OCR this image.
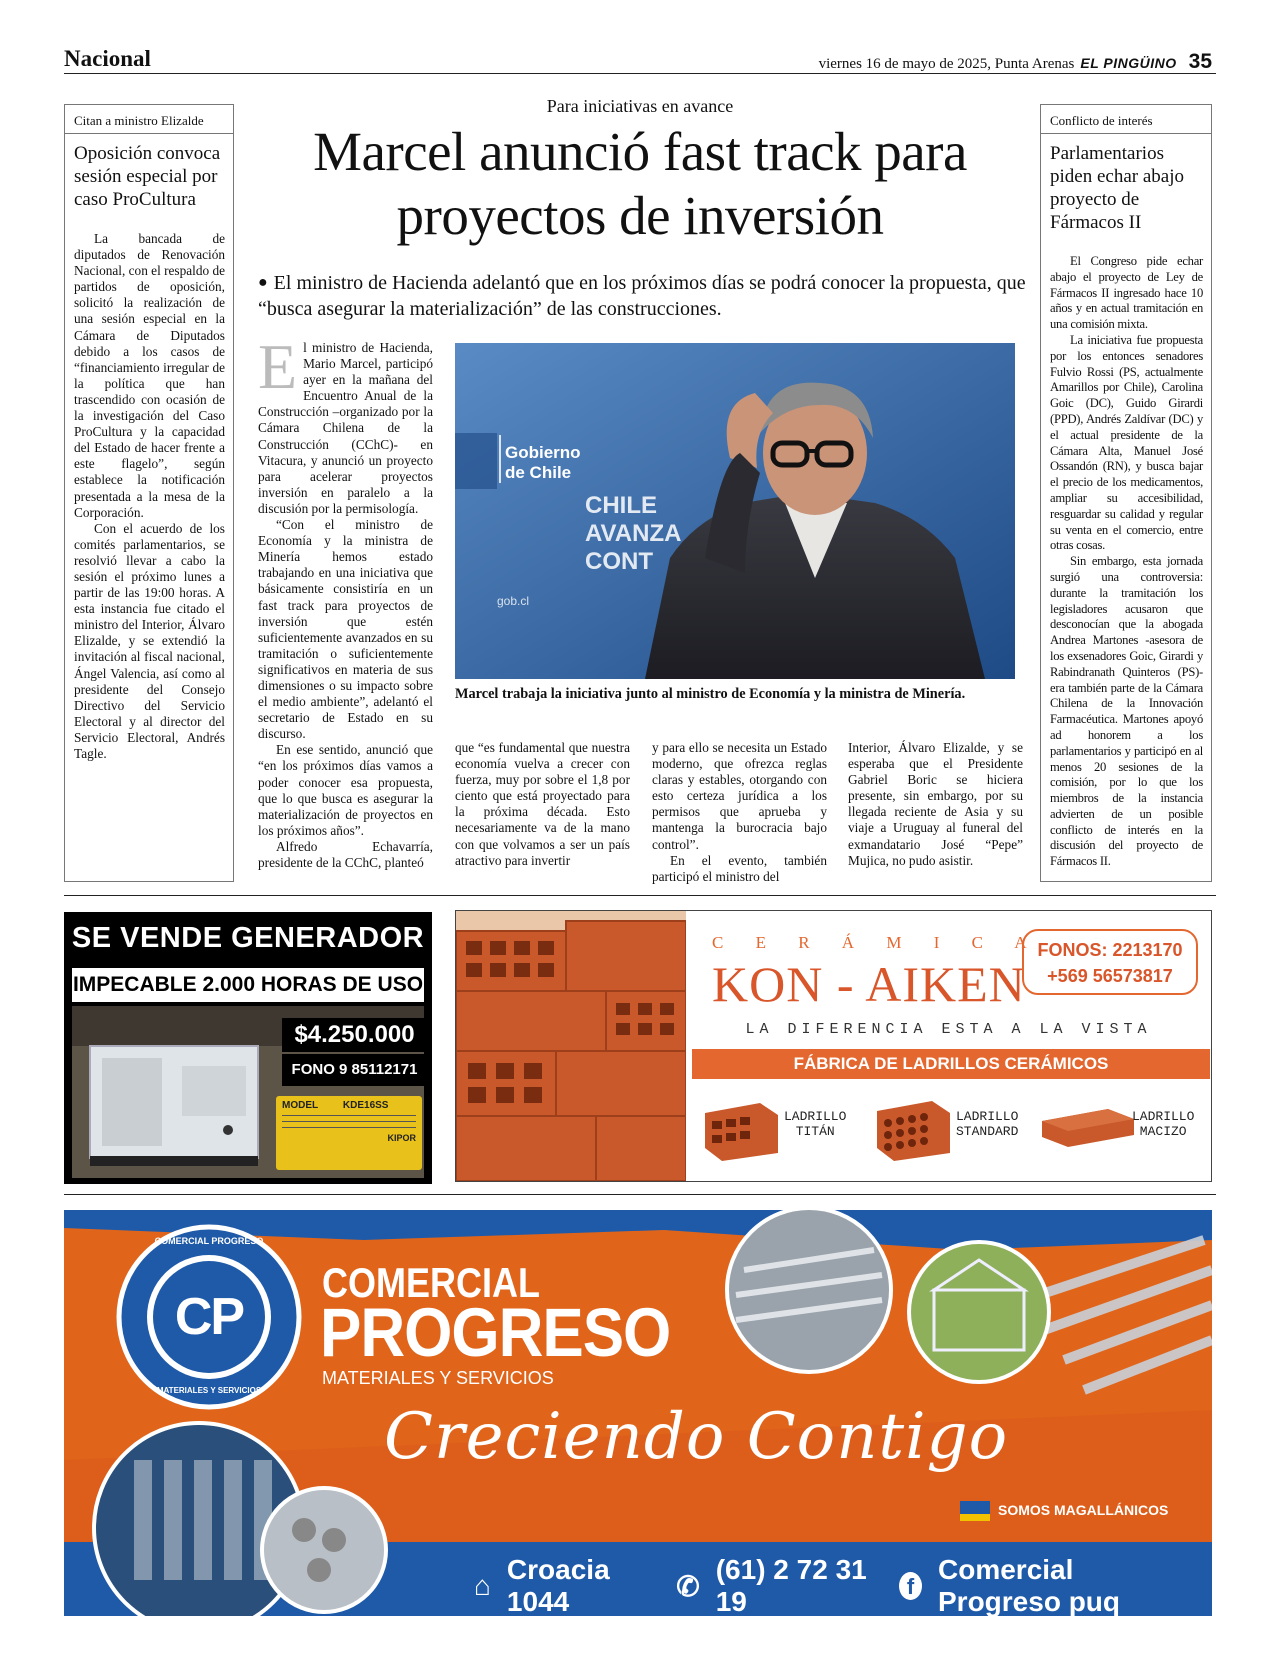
Nacional	viernes 16 de mayo de 2025, Punta Arenas EL PINGÜINO 35
Citan a ministro Elizalde
Oposición convoca sesión especial por caso ProCultura

La bancada de diputados de Renovación Nacional, con el respaldo de partidos de oposición, solicitó la realización de una sesión especial en la Cámara de Diputados debido a los casos de “financiamiento irregular de la política que han trascendido con ocasión de la investigación del Caso ProCultura y la capacidad del Estado de hacer frente a este flagelo”, según establece la notificación presentada a la mesa de la Corporación.

Con el acuerdo de los comités parlamentarios, se resolvió llevar a cabo la sesión el próximo lunes a partir de las 19:00 horas. A esta instancia fue citado el ministro del Interior, Álvaro Elizalde, y se extendió la invitación al fiscal nacional, Ángel Valencia, así como al presidente del Consejo Directivo del Servicio Electoral y al director del Servicio Electoral, Andrés Tagle.

Conflicto de interés
Parlamentarios piden echar abajo proyecto de Fármacos II

El Congreso pide echar abajo el proyecto de Ley de Fármacos II ingresado hace 10 años y en actual tramitación en una comisión mixta.

La iniciativa fue propuesta por los entonces senadores Fulvio Rossi (PS, actualmente Amarillos por Chile), Carolina Goic (DC), Guido Girardi (PPD), Andrés Zaldívar (DC) y el actual presidente de la Cámara Alta, Manuel José Ossandón (RN), y busca bajar el precio de los medicamentos, ampliar su accesibilidad, resguardar su calidad y regular su venta en el comercio, entre otras cosas.

Sin embargo, esta jornada surgió una controversia: durante la tramitación los legisladores acusaron que desconocían que la abogada Andrea Martones -asesora de los exsenadores Goic, Girardi y Rabindranath Quinteros (PS)- era también parte de la Cámara Chilena de la Innovación Farmacéutica. Martones apoyó ad honorem a los parlamentarios y participó en al menos 20 sesiones de la comisión, por lo que los miembros de la instancia advierten de un posible conflicto de interés en la discusión del proyecto de Fármacos II.

Para iniciativas en avance
Marcel anunció fast track para proyectos de inversión
● El ministro de Hacienda adelantó que en los próximos días se podrá conocer la propuesta, que “busca asegurar la materialización” de las construcciones.

El ministro de Hacienda, Mario Marcel, participó ayer en la mañana del Encuentro Anual de la Construcción –organizado por la Cámara Chilena de la Construcción (CChC)- en Vitacura, y anunció un proyecto para acelerar proyectos inversión en paralelo a la discusión por la permisología.

“Con el ministro de Economía y la ministra de Minería hemos estado trabajando en una iniciativa que básicamente consistiría en un fast track para proyectos de inversión que estén suficientemente avanzados en su tramitación o suficientemente significativos en materia de sus dimensiones o su impacto sobre el medio ambiente”, adelantó el secretario de Estado en su discurso.

En ese sentido, anunció que “en los próximos días vamos a poder conocer esa propuesta, que lo que busca es asegurar la materialización de proyectos en los próximos años”.

Alfredo Echavarría, presidente de la CChC, planteó

Gobierno
de Chile
CHILE
AVANZA
CONT
gob.cl
Marcel trabaja la iniciativa junto al ministro de Economía y la ministra de Minería.

que “es fundamental que nuestra economía vuelva a crecer con fuerza, muy por sobre el 1,8 por ciento que está proyectado para la próxima década. Esto necesariamente va de la mano con que volvamos a ser un país atractivo para invertir

y para ello se necesita un Estado moderno, que ofrezca reglas claras y estables, otorgando con esto certeza jurídica a los permisos que aprueba y mantenga la burocracia bajo control”.

En el evento, también participó el ministro del

Interior, Álvaro Elizalde, y se esperaba que el Presidente Gabriel Boric se hiciera presente, sin embargo, por su llegada reciente de Asia y su viaje a Uruguay al funeral del exmandatario José “Pepe” Mujica, no pudo asistir.

SE VENDE GENERADOR
IMPECABLE 2.000 HORAS DE USO
$4.250.000
FONO 9 85112171
MODEL KDE16SS
KIPOR
C E R Á M I C A
KON - AIKEN
FONOS: 2213170
+569 56573817
LA DIFERENCIA ESTA A LA VISTA
FÁBRICA DE LADRILLOS CERÁMICOS
LADRILLO
TITÁN
LADRILLO
STANDARD
LADRILLO
MACIZO
CP
COMERCIAL PROGRESO
MATERIALES Y SERVICIOS
COMERCIAL
PROGRESO
MATERIALES Y SERVICIOS
Creciendo Contigo
SOMOS MAGALLÁNICOS
⌂
Croacia 1044	✆
(61) 2 72 31 19	f
Comercial Progreso puq
